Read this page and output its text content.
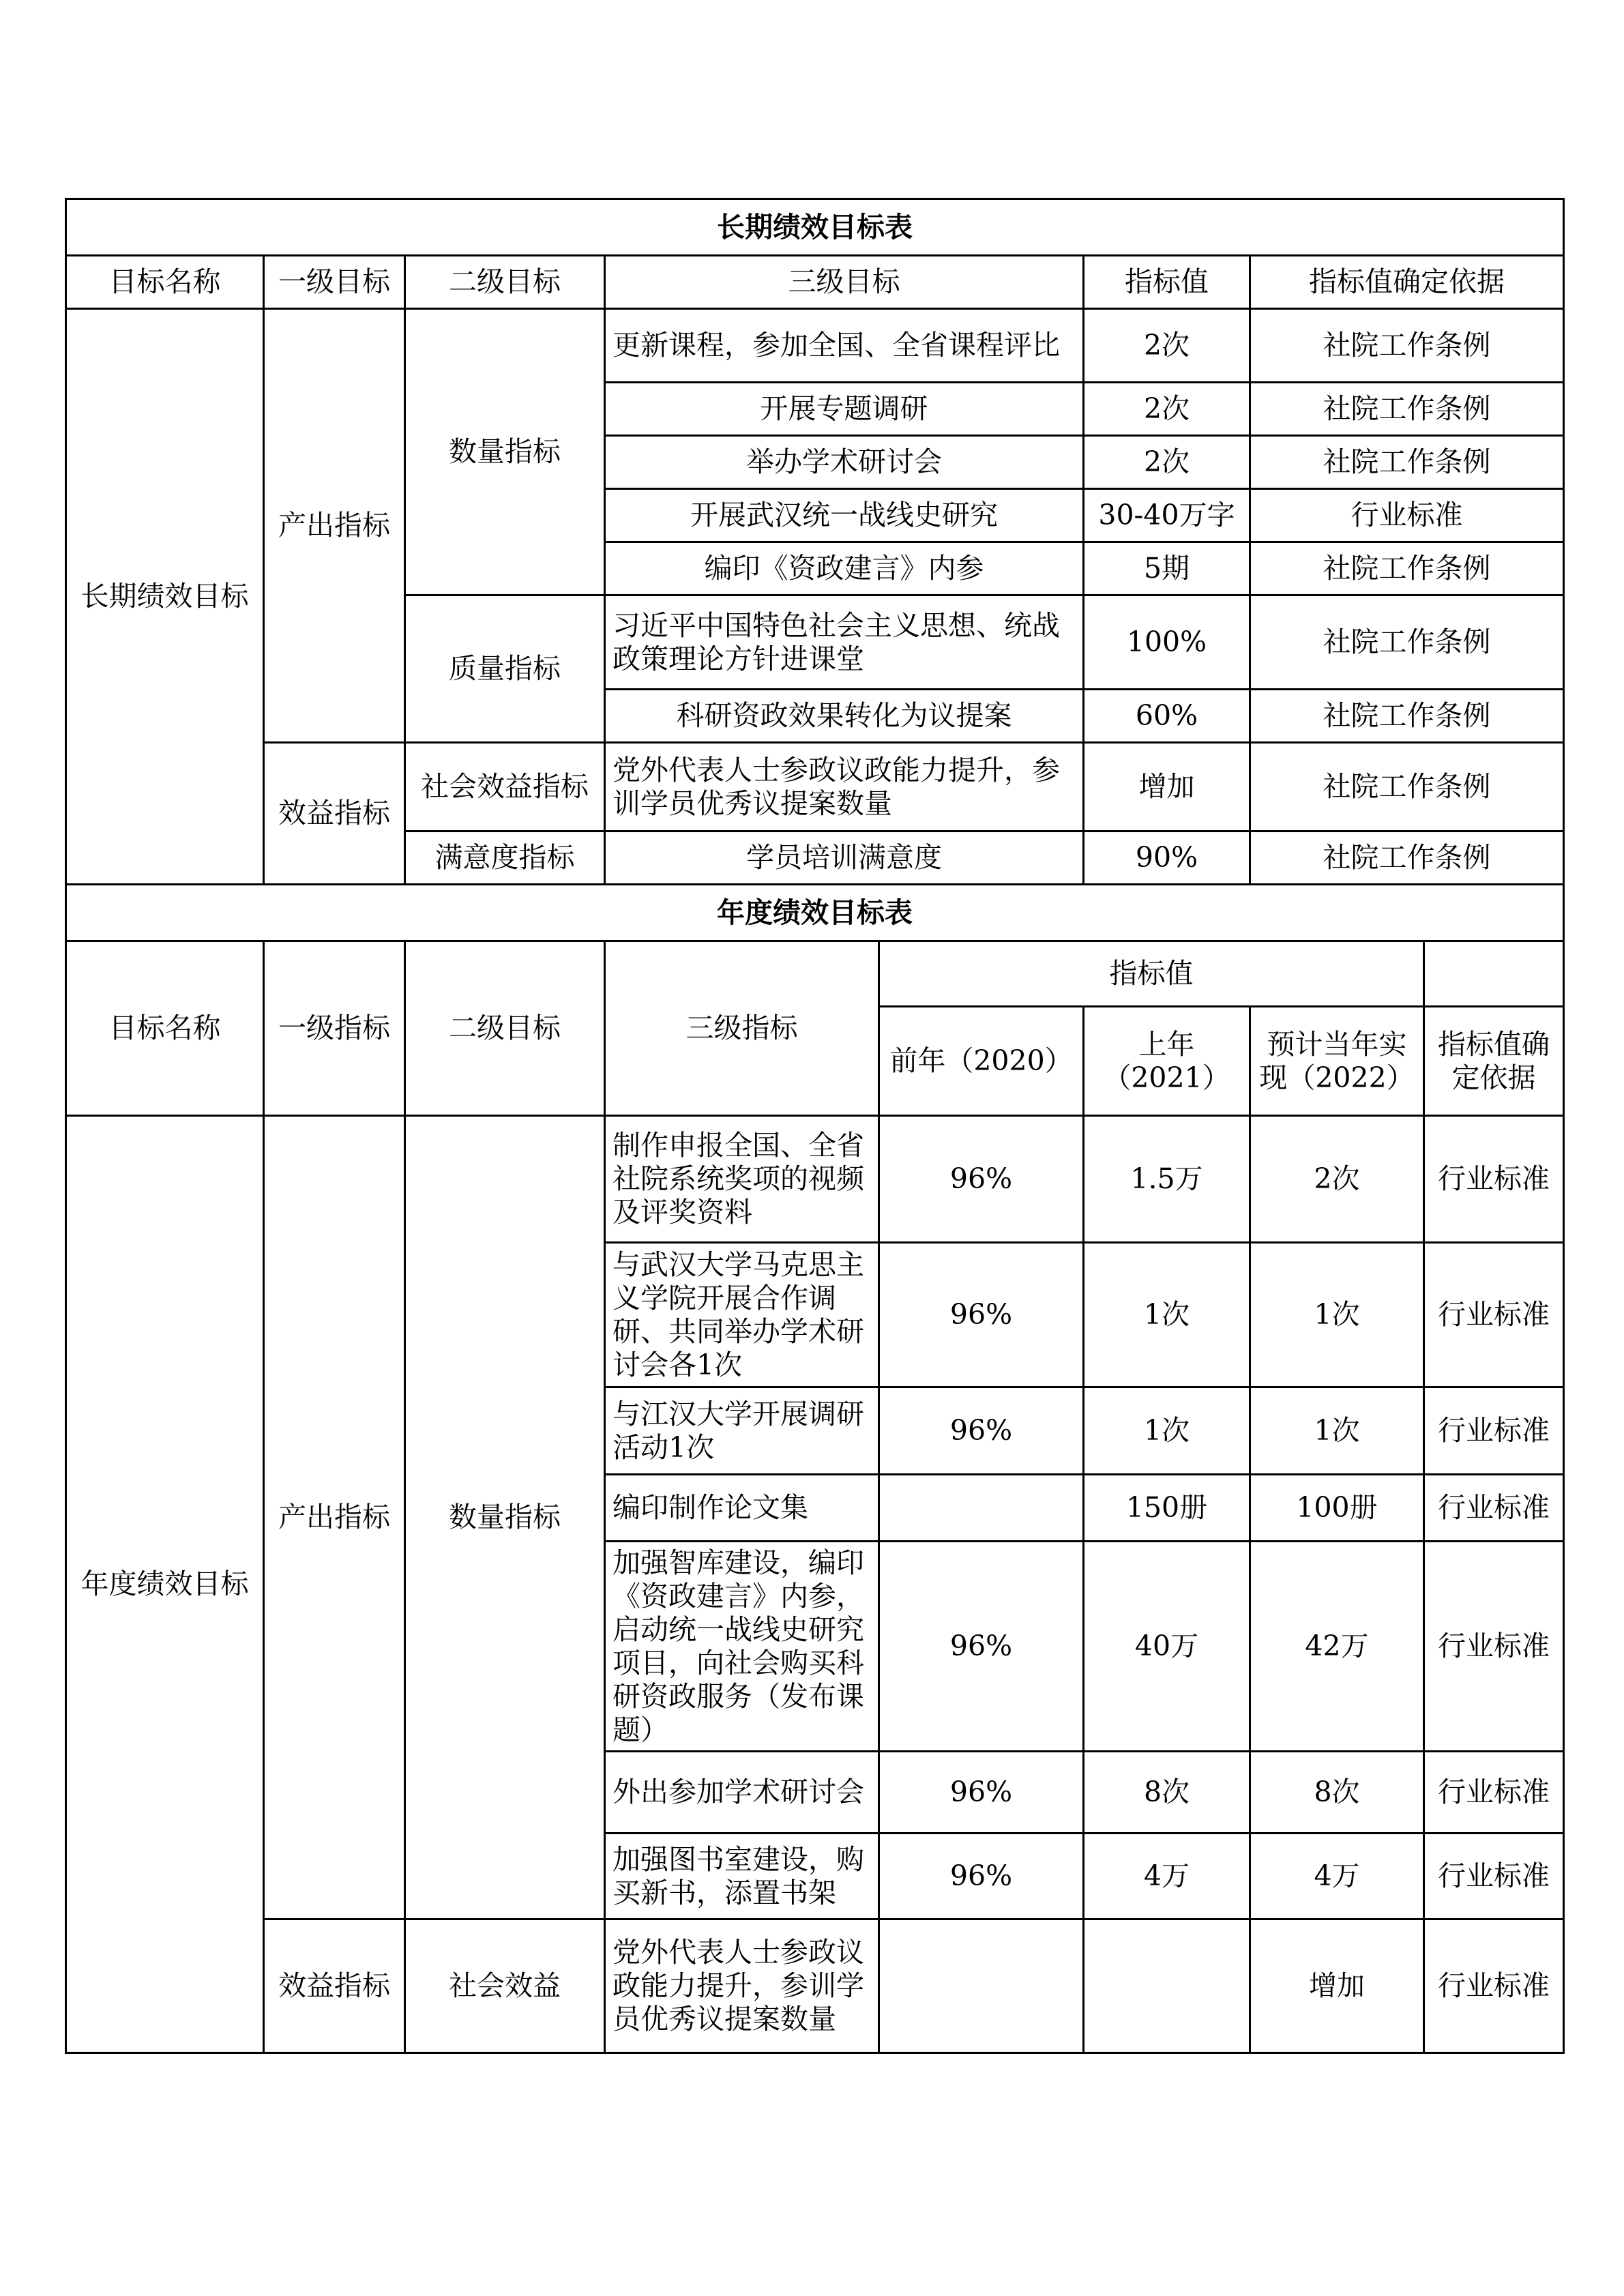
长期绩效目标表							
目标名称	一级目标	二级目标	三级目标		指标值	指标值确定依据	
长期绩效目标	产出指标	数量指标	更新课程，参加全国、全省课程评比		2次	社院工作条例	
			开展专题调研		2次	社院工作条例	
			举办学术研讨会		2次	社院工作条例	
			开展武汉统一战线史研究		30-40万字	行业标准	
			编印《资政建言》内参		5期	社院工作条例	
		质量指标	习近平中国特色社会主义思想、统战政策理论方针进课堂		100%	社院工作条例	
			科研资政效果转化为议提案		60%	社院工作条例	
	效益指标	社会效益指标	党外代表人士参政议政能力提升，参训学员优秀议提案数量		增加	社院工作条例	
		满意度指标	学员培训满意度		90%	社院工作条例	
年度绩效目标表							
目标名称	一级指标	二级目标	三级指标	指标值			
				前年（2020）	上年（2021）	预计当年实现（2022）	指标值确定依据
年度绩效目标	产出指标	数量指标	制作申报全国、全省社院系统奖项的视频及评奖资料	96%	1.5万	2次	行业标准
			与武汉大学马克思主义学院开展合作调研、共同举办学术研讨会各1次	96%	1次	1次	行业标准
			与江汉大学开展调研活动1次	96%	1次	1次	行业标准
			编印制作论文集		150册	100册	行业标准
			加强智库建设，编印《资政建言》内参，启动统一战线史研究项目，向社会购买科研资政服务（发布课题）	96%	40万	42万	行业标准
			外出参加学术研讨会	96%	8次	8次	行业标准
			加强图书室建设，购买新书，添置书架	96%	4万	4万	行业标准
	效益指标	社会效益	党外代表人士参政议政能力提升，参训学员优秀议提案数量			增加	行业标准
